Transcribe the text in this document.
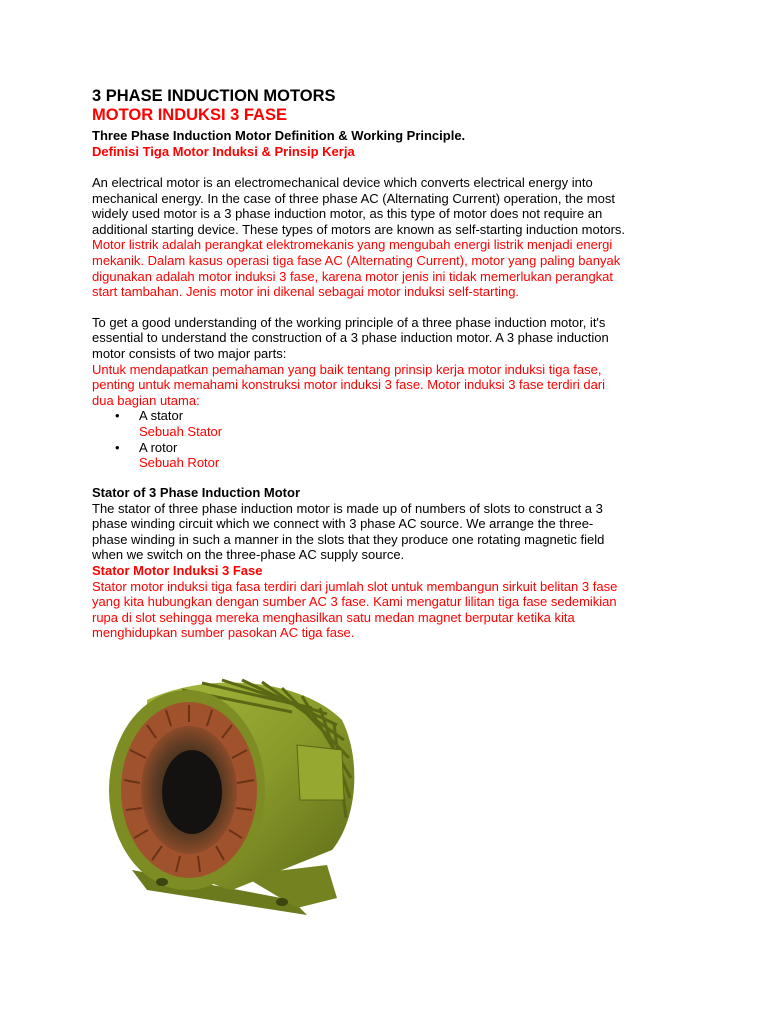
3 PHASE INDUCTION MOTORS
MOTOR INDUKSI 3 FASE
Three Phase Induction Motor Definition & Working Principle.
Definisi Tiga Motor Induksi & Prinsip Kerja

An electrical motor is an electromechanical device which converts electrical energy into

mechanical energy. In the case of three phase AC (Alternating Current) operation, the most

widely used motor is a 3 phase induction motor, as this type of motor does not require an

additional starting device. These types of motors are known as self-starting induction motors.

Motor listrik adalah perangkat elektromekanis yang mengubah energi listrik menjadi energi

mekanik. Dalam kasus operasi tiga fase AC (Alternating Current), motor yang paling banyak

digunakan adalah motor induksi 3 fase, karena motor jenis ini tidak memerlukan perangkat

start tambahan. Jenis motor ini dikenal sebagai motor induksi self-starting.

To get a good understanding of the working principle of a three phase induction motor, it's

essential to understand the construction of a 3 phase induction motor. A 3 phase induction

motor consists of two major parts:

Untuk mendapatkan pemahaman yang baik tentang prinsip kerja motor induksi tiga fase,

penting untuk memahami konstruksi motor induksi 3 fase. Motor induksi 3 fase terdiri dari

dua bagian utama:

• A stator
Sebuah Stator
• A rotor
Sebuah Rotor
Stator of 3 Phase Induction Motor

The stator of three phase induction motor is made up of numbers of slots to construct a 3

phase winding circuit which we connect with 3 phase AC source. We arrange the three-

phase winding in such a manner in the slots that they produce one rotating magnetic field

when we switch on the three-phase AC supply source.

Stator Motor Induksi 3 Fase

Stator motor induksi tiga fasa terdiri dari jumlah slot untuk membangun sirkuit belitan 3 fase

yang kita hubungkan dengan sumber AC 3 fase. Kami mengatur lilitan tiga fase sedemikian

rupa di slot sehingga mereka menghasilkan satu medan magnet berputar ketika kita

menghidupkan sumber pasokan AC tiga fase.
